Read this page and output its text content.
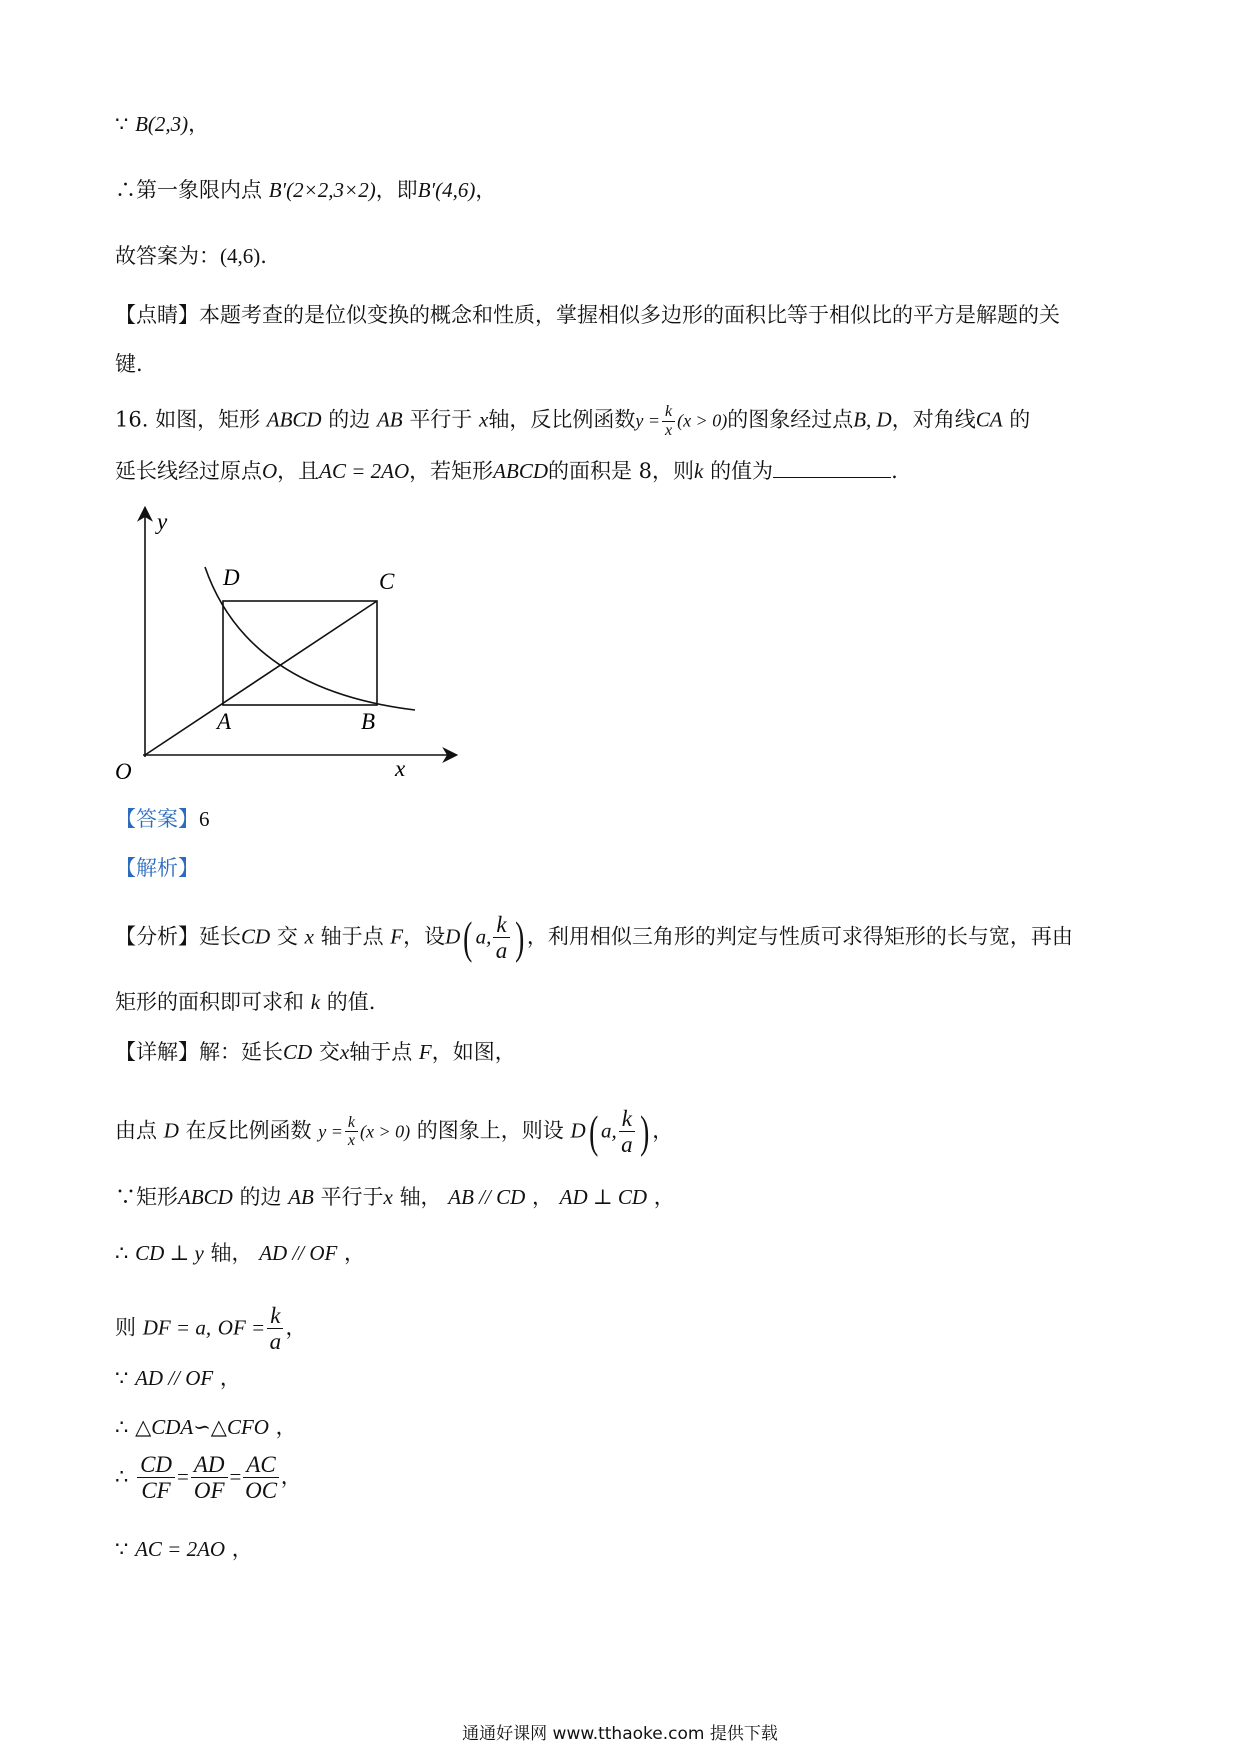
∵ B(2,3)，
∴第一象限内点 B′(2×2,3×2)，即B′(4,6)，
故答案为：(4,6).
【点睛】本题考查的是位似变换的概念和性质，掌握相似多边形的面积比等于相似比的平方是解题的关
键.
16. 如图，矩形 ABCD 的边 AB 平行于 x轴，反比例函数$y = \frac{k}{x} (x > 0)$的图象经过点B, D，对角线CA 的
延长线经过原点O，且AC = 2AO，若矩形ABCD的面积是 8，则k 的值为	.
y
x
O
A	B
C
D
【答案】6
【解析】
【分析】延长CD 交 x 轴于点 F，设D( a, $\frac{k}{a}$ ) ，利用相似三角形的判定与性质可求得矩形的长与宽，再由
矩形的面积即可求和 k 的值.
【详解】解：延长CD 交x轴于点 F，如图，
由点 D 在反比例函数 $y = \frac{k}{x} (x > 0)$ 的图象上，则设 D( a, $\frac{k}{a}$ ) ，
∵矩形ABCD 的边 AB 平行于x 轴， AB // CD ， AD ⊥ CD ，
∴ CD ⊥ y 轴， AD // OF ，
则 DF = a, OF = $\frac{k}{a}$ ，
∵ AD // OF ，
∴ △CDA∽△CFO ，
∴ $\frac{CD}{CF} = \frac{AD}{OF} = \frac{AC}{OC}$ ，
∵ AC = 2AO ，
通通好课网 www.tthaoke.com 提供下载
